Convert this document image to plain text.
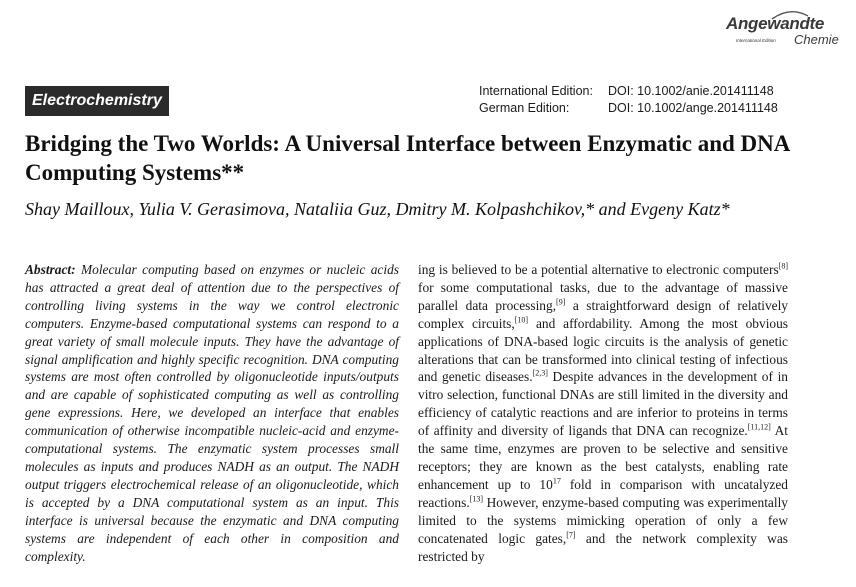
Angewandte
International Edition Chemie
Electrochemistry
International Edition:	DOI: 10.1002/anie.201411148
German Edition:	DOI: 10.1002/ange.201411148
Bridging the Two Worlds: A Universal Interface between Enzymatic and DNA Computing Systems**
Shay Mailloux, Yulia V. Gerasimova, Nataliia Guz, Dmitry M. Kolpashchikov,* and Evgeny Katz*
Abstract: Molecular computing based on enzymes or nucleic acids has attracted a great deal of attention due to the perspectives of controlling living systems in the way we control electronic computers. Enzyme-based computational systems can respond to a great variety of small molecule inputs. They have the advantage of signal amplification and highly specific recognition. DNA computing systems are most often controlled by oligonucleotide inputs/outputs and are capable of sophisticated computing as well as controlling gene expressions. Here, we developed an interface that enables communication of otherwise incompatible nucleic-acid and enzyme-computational systems. The enzymatic system processes small molecules as inputs and produces NADH as an output. The NADH output triggers electrochemical release of an oligonucleotide, which is accepted by a DNA computational system as an input. This interface is universal because the enzymatic and DNA computing systems are independent of each other in composition and complexity.
ing is believed to be a potential alternative to electronic computers[8] for some computational tasks, due to the advantage of massive parallel data processing,[9] a straightforward design of relatively complex circuits,[10] and affordability. Among the most obvious applications of DNA-based logic circuits is the analysis of genetic alterations that can be transformed into clinical testing of infectious and genetic diseases.[2,3] Despite advances in the development of in vitro selection, functional DNAs are still limited in the diversity and efficiency of catalytic reactions and are inferior to proteins in terms of affinity and diversity of ligands that DNA can recognize.[11,12] At the same time, enzymes are proven to be selective and sensitive receptors; they are known as the best catalysts, enabling rate enhancement up to $10^{17}$ fold in comparison with uncatalyzed reactions.[13] However, enzyme-based computing was experimentally limited to the systems mimicking operation of only a few concatenated logic gates,[7] and the network complexity was restricted by
